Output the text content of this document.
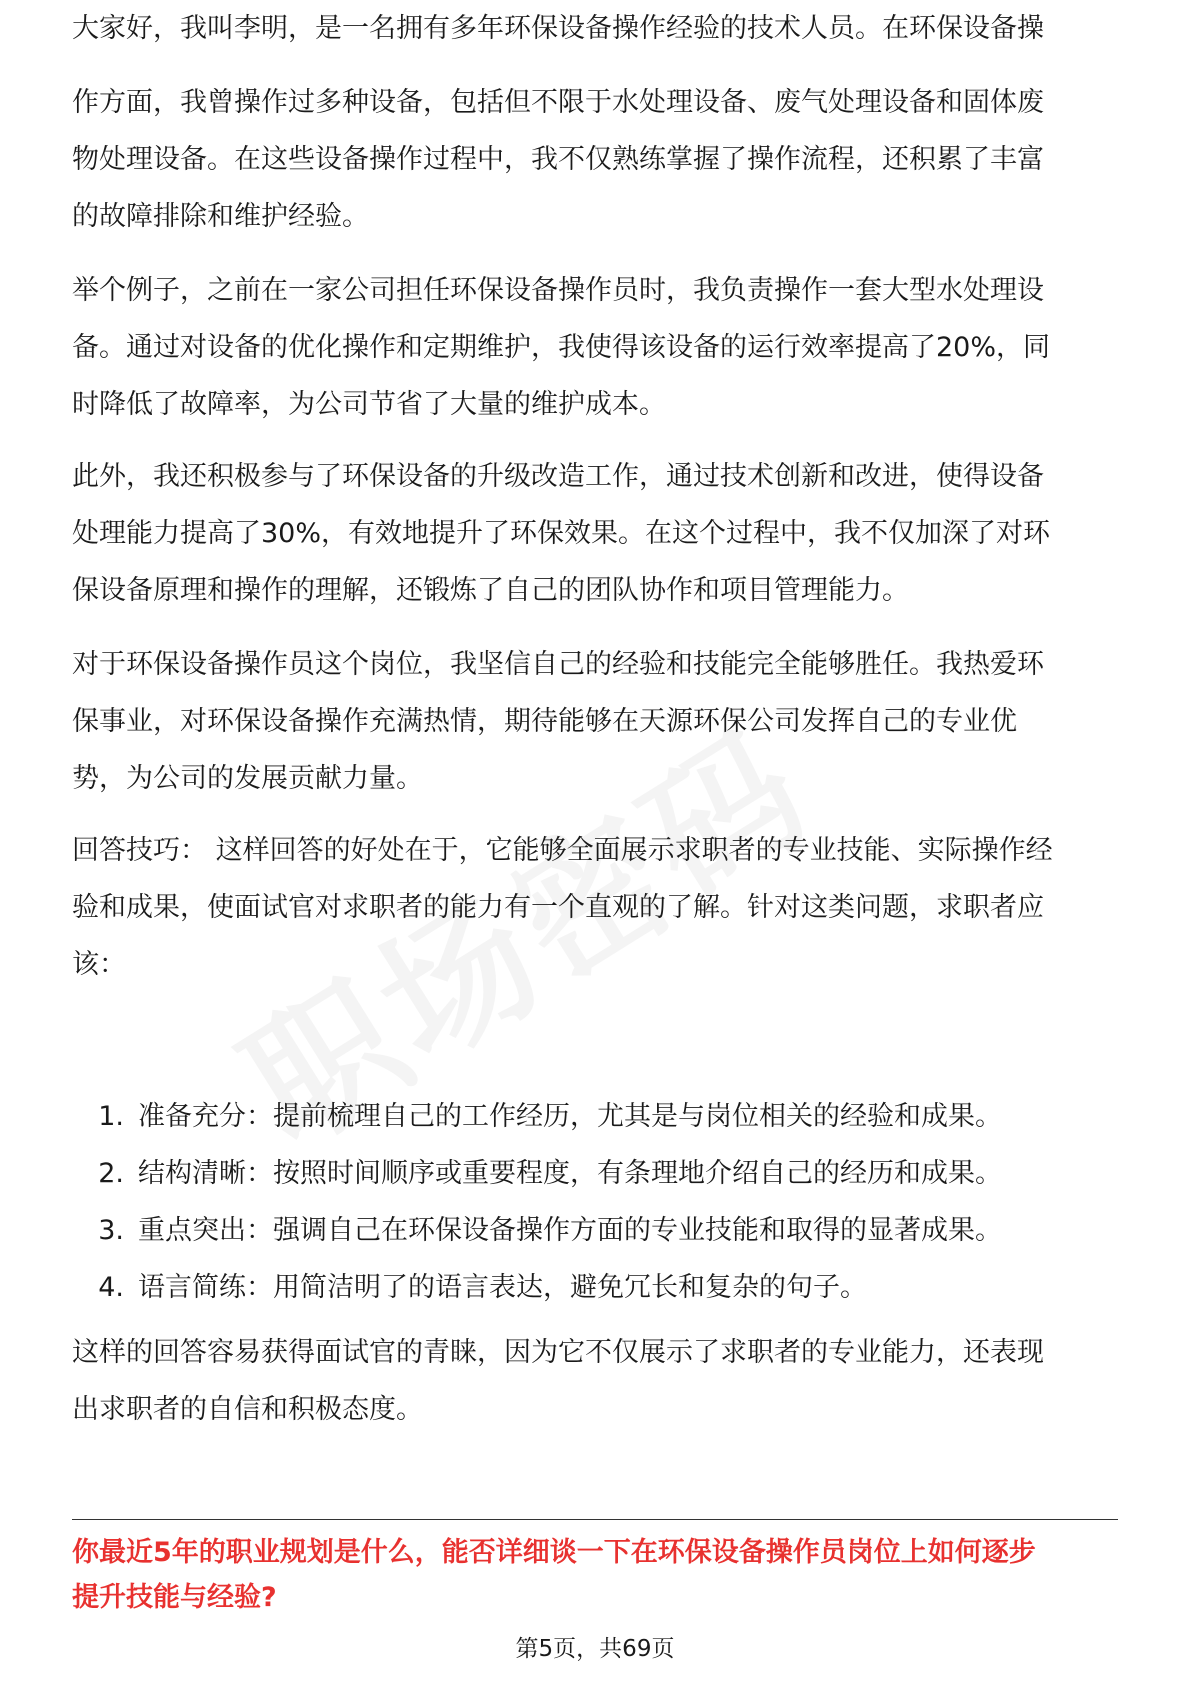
大家好，我叫李明，是一名拥有多年环保设备操作经验的技术人员。在环保设备操
作方面，我曾操作过多种设备，包括但不限于水处理设备、废气处理设备和固体废
物处理设备。在这些设备操作过程中，我不仅熟练掌握了操作流程，还积累了丰富
的故障排除和维护经验。
举个例子，之前在一家公司担任环保设备操作员时，我负责操作一套大型水处理设
备。通过对设备的优化操作和定期维护，我使得该设备的运行效率提高了20%，同
时降低了故障率，为公司节省了大量的维护成本。
此外，我还积极参与了环保设备的升级改造工作，通过技术创新和改进，使得设备
处理能力提高了30%，有效地提升了环保效果。在这个过程中，我不仅加深了对环
保设备原理和操作的理解，还锻炼了自己的团队协作和项目管理能力。
对于环保设备操作员这个岗位，我坚信自己的经验和技能完全能够胜任。我热爱环
保事业，对环保设备操作充满热情，期待能够在天源环保公司发挥自己的专业优
势，为公司的发展贡献力量。
回答技巧： 这样回答的好处在于，它能够全面展示求职者的专业技能、实际操作经
验和成果，使面试官对求职者的能力有一个直观的了解。针对这类问题，求职者应
该：
1. 准备充分：提前梳理自己的工作经历，尤其是与岗位相关的经验和成果。
2. 结构清晰：按照时间顺序或重要程度，有条理地介绍自己的经历和成果。
3. 重点突出：强调自己在环保设备操作方面的专业技能和取得的显著成果。
4. 语言简练：用简洁明了的语言表达，避免冗长和复杂的句子。
这样的回答容易获得面试官的青睐，因为它不仅展示了求职者的专业能力，还表现
出求职者的自信和积极态度。
你最近5年的职业规划是什么，能否详细谈一下在环保设备操作员岗位上如何逐步
提升技能与经验?
第5页，共69页
